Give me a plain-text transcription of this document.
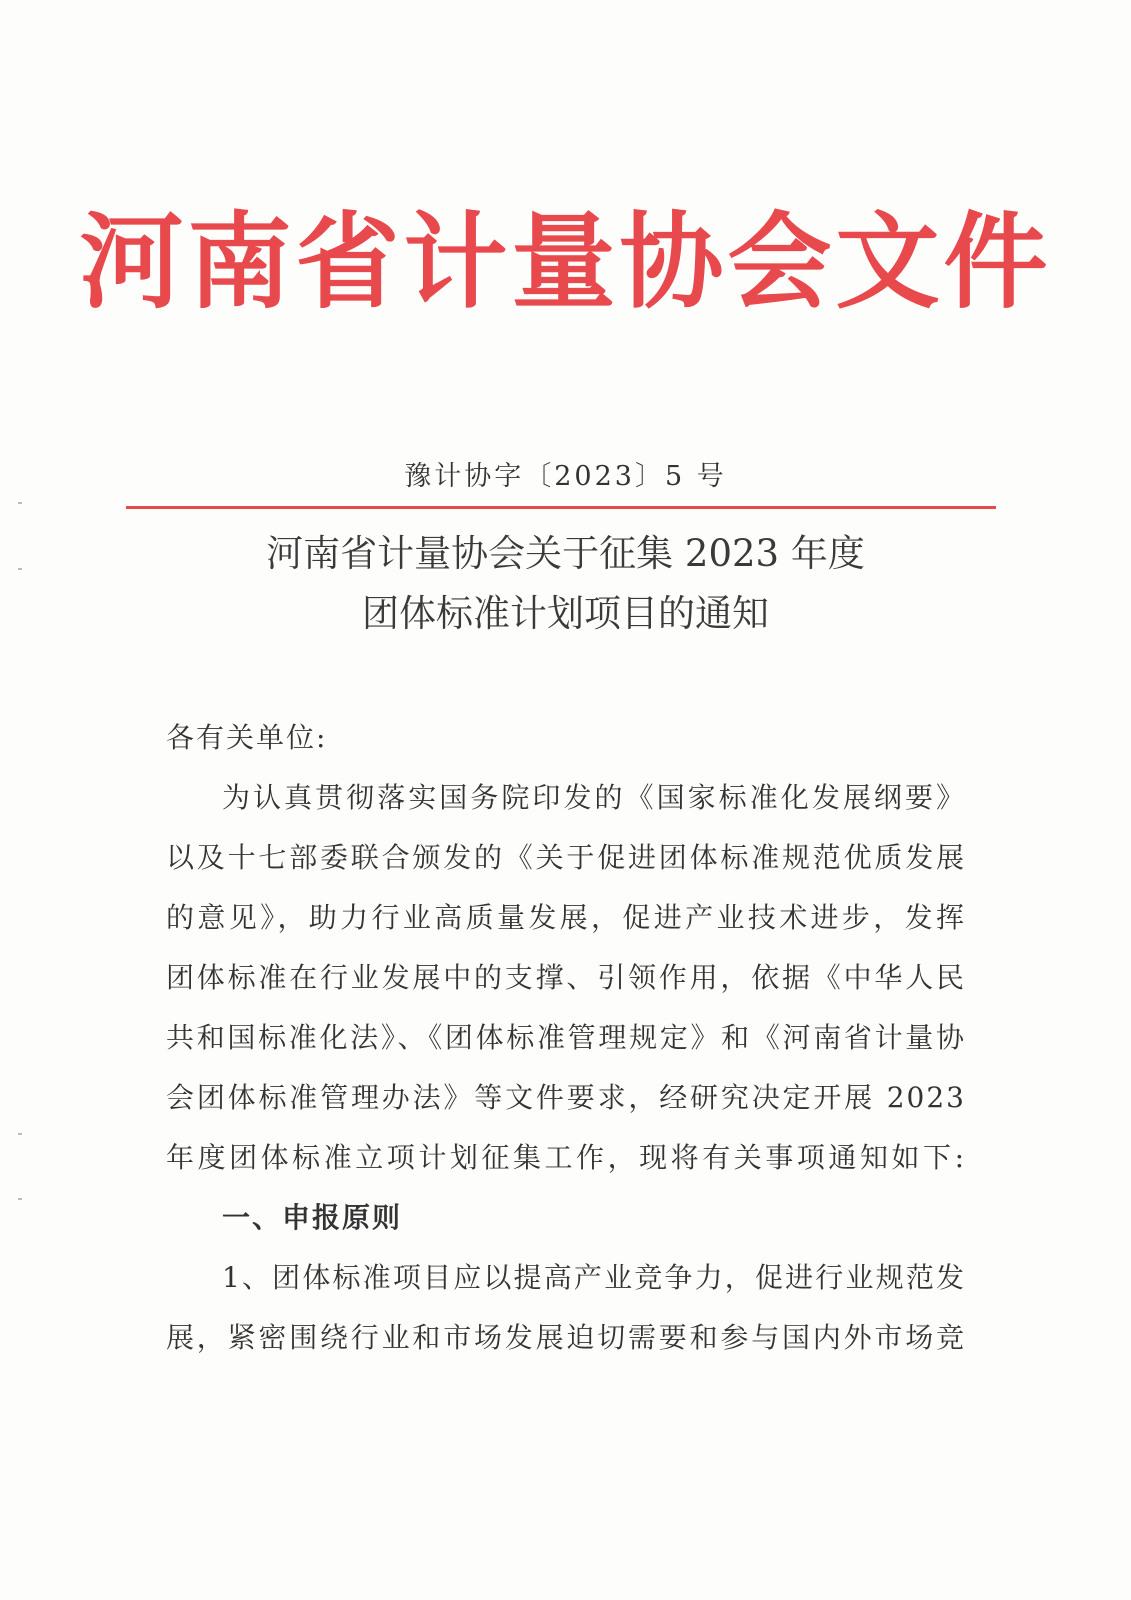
河南省计量协会文件
豫计协字〔2023〕5 号
河南省计量协会关于征集 2023 年度
团体标准计划项目的通知
各有关单位:
为认真贯彻落实国务院印发的《国家标准化发展纲要》
以及十七部委联合颁发的《关于促进团体标准规范优质发展
的意见》，助力行业高质量发展，促进产业技术进步，发挥
团体标准在行业发展中的支撑、引领作用，依据《中华人民
共和国标准化法》、《团体标准管理规定》和《河南省计量协
会团体标准管理办法》等文件要求，经研究决定开展 2023
年度团体标准立项计划征集工作，现将有关事项通知如下:
一、申报原则
1、团体标准项目应以提高产业竞争力，促进行业规范发
展，紧密围绕行业和市场发展迫切需要和参与国内外市场竞
